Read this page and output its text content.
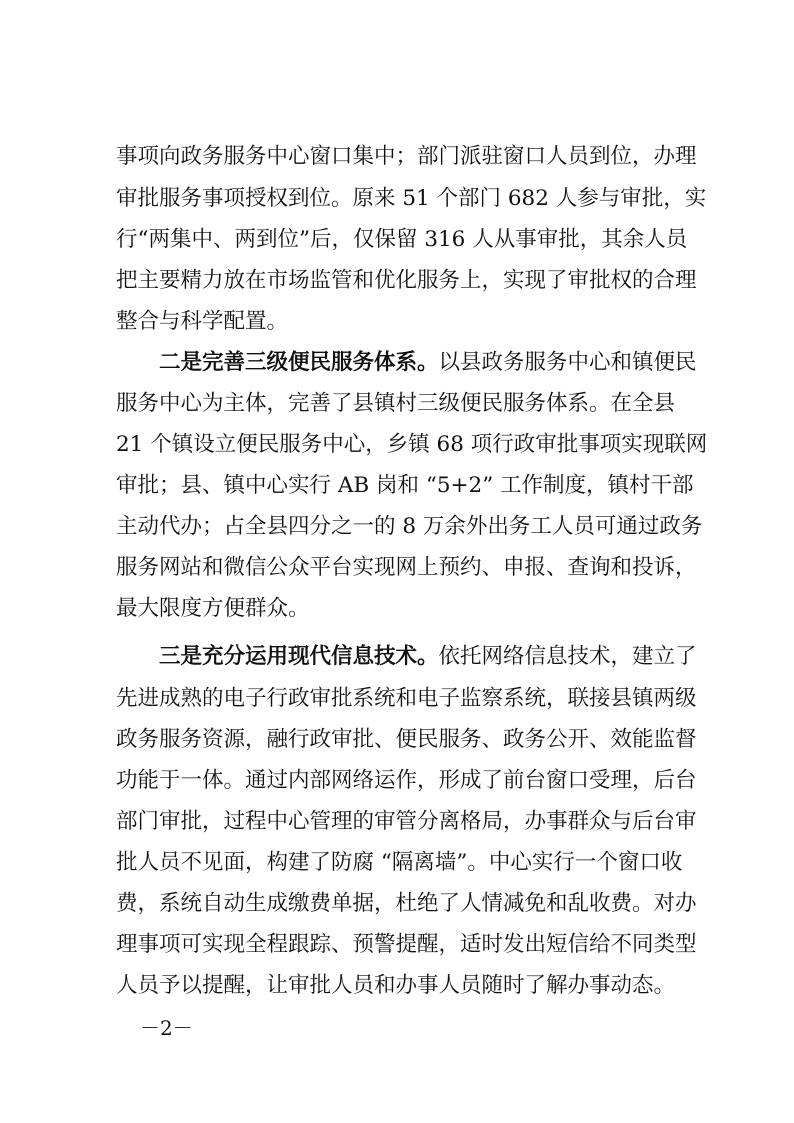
事项向政务服务中心窗口集中；部门派驻窗口人员到位，办理
审批服务事项授权到位。原来 51 个部门 682 人参与审批，实
行“两集中、两到位”后，仅保留 316 人从事审批，其余人员
把主要精力放在市场监管和优化服务上，实现了审批权的合理
整合与科学配置。
二是完善三级便民服务体系。以县政务服务中心和镇便民
服务中心为主体，完善了县镇村三级便民服务体系。在全县
21 个镇设立便民服务中心，乡镇 68 项行政审批事项实现联网
审批；县、镇中心实行 AB 岗和 “5+2” 工作制度，镇村干部
主动代办；占全县四分之一的 8 万余外出务工人员可通过政务
服务网站和微信公众平台实现网上预约、申报、查询和投诉，
最大限度方便群众。
三是充分运用现代信息技术。依托网络信息技术，建立了
先进成熟的电子行政审批系统和电子监察系统，联接县镇两级
政务服务资源，融行政审批、便民服务、政务公开、效能监督
功能于一体。通过内部网络运作，形成了前台窗口受理，后台
部门审批，过程中心管理的审管分离格局，办事群众与后台审
批人员不见面，构建了防腐 “隔离墙”。中心实行一个窗口收
费，系统自动生成缴费单据，杜绝了人情减免和乱收费。对办
理事项可实现全程跟踪、预警提醒，适时发出短信给不同类型
人员予以提醒，让审批人员和办事人员随时了解办事动态。
－2－
